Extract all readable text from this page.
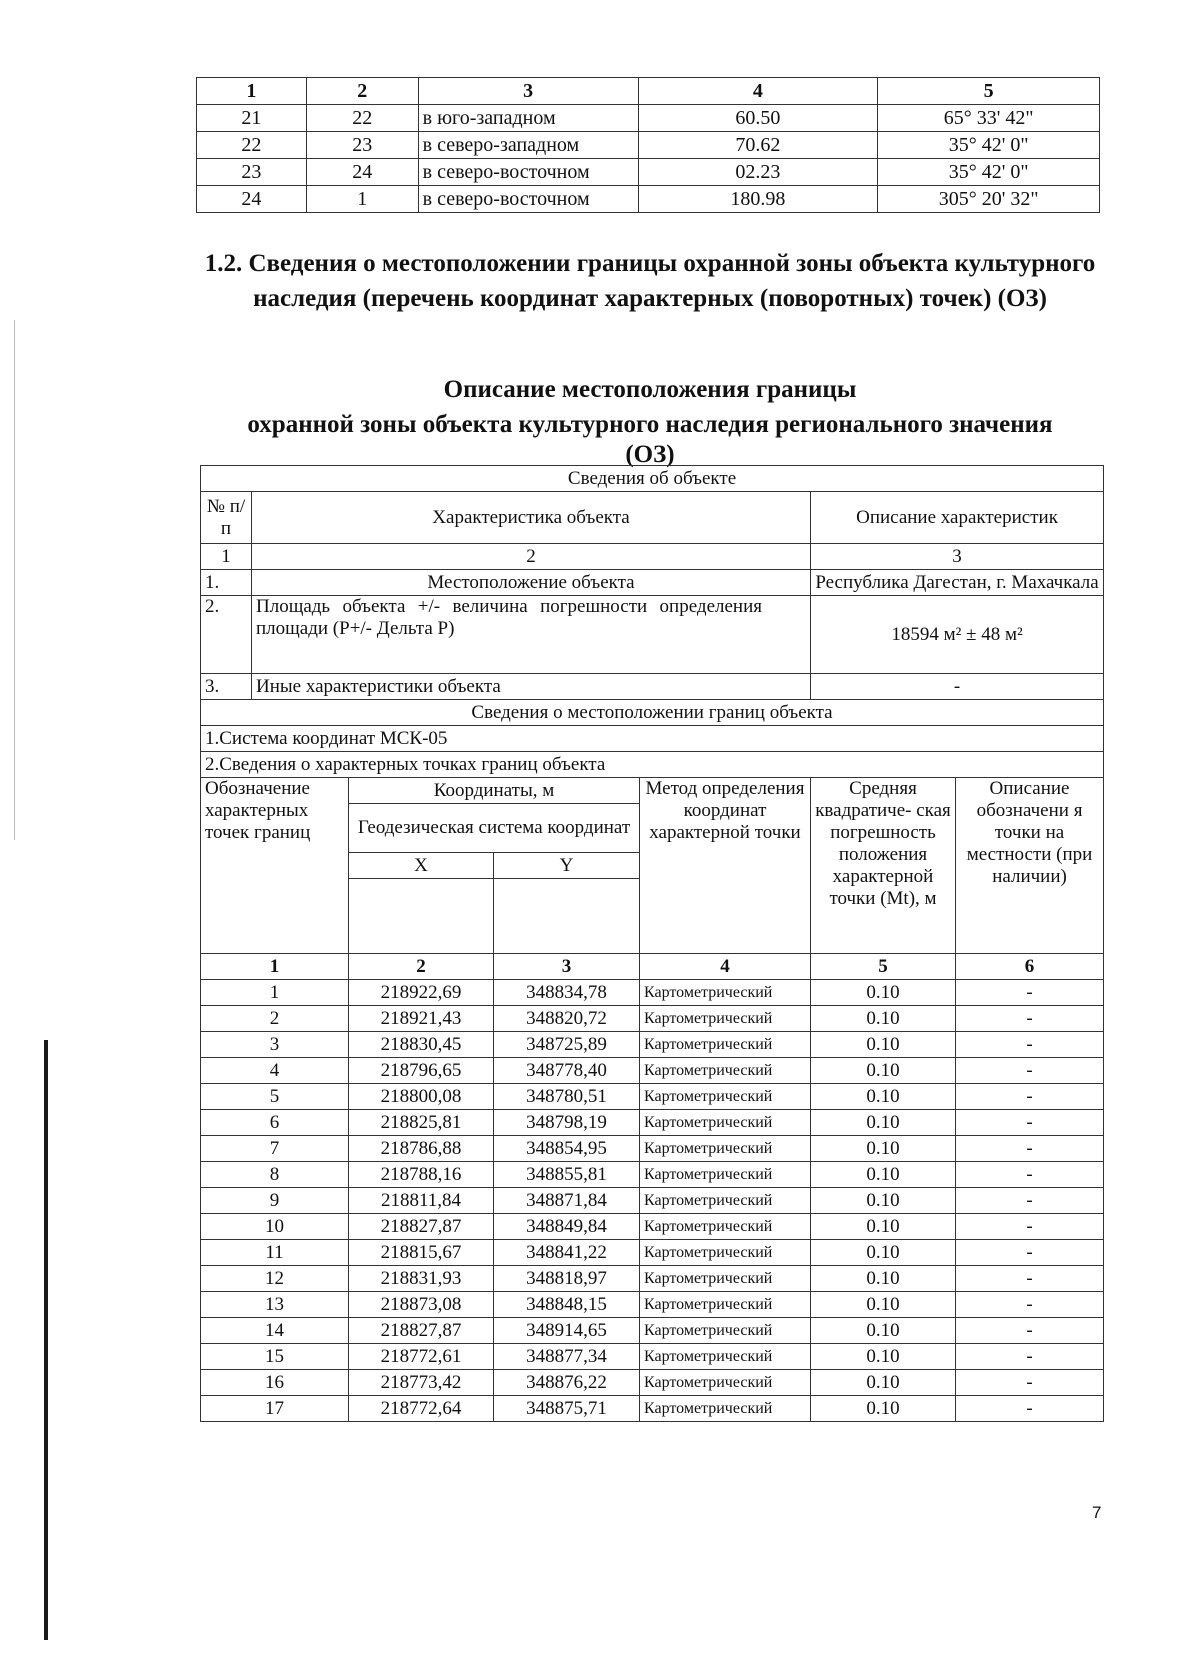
1	2	3	4	5
21	22	в юго-западном	60.50	65° 33' 42"
22	23	в северо-западном	70.62	35° 42' 0"
23	24	в северо-восточном	02.23	35° 42' 0"
24	1	в северо-восточном	180.98	305° 20' 32"
1.2. Сведения о местоположении границы охранной зоны объекта культурного наследия (перечень координат характерных (поворотных) точек) (ОЗ)
Описание местоположения границы
охранной зоны объекта культурного наследия регионального значения
(ОЗ)
Сведения об объекте						
№ п/п	Характеристика объекта				Описание характеристик	
1	2				3	
1.	Местоположение объекта				Республика Дагестан, г. Махачкала	
2.	Площадь объекта +/- величина погрешности определения площади (Р+/- Дельта Р)				18594 м² ± 48 м²	
3.	Иные характеристики объекта				-	
Сведения о местоположении границ объекта						
1.Система координат МСК-05						
2.Сведения о характерных точках границ объекта						
Обозначение характерных точек границ		Координаты, м		Метод определения координат характерной точки	Средняя квадратиче- ская погрешность положения характерной точки (Mt), м	Описание обозначени я точки на местности (при наличии)
		Геодезическая система координат				
		X	Y			

1		2	3	4	5	6
1		218922,69	348834,78	Картометрический	0.10	-
2		218921,43	348820,72	Картометрический	0.10	-
3		218830,45	348725,89	Картометрический	0.10	-
4		218796,65	348778,40	Картометрический	0.10	-
5		218800,08	348780,51	Картометрический	0.10	-
6		218825,81	348798,19	Картометрический	0.10	-
7		218786,88	348854,95	Картометрический	0.10	-
8		218788,16	348855,81	Картометрический	0.10	-
9		218811,84	348871,84	Картометрический	0.10	-
10		218827,87	348849,84	Картометрический	0.10	-
11		218815,67	348841,22	Картометрический	0.10	-
12		218831,93	348818,97	Картометрический	0.10	-
13		218873,08	348848,15	Картометрический	0.10	-
14		218827,87	348914,65	Картометрический	0.10	-
15		218772,61	348877,34	Картометрический	0.10	-
16		218773,42	348876,22	Картометрический	0.10	-
17		218772,64	348875,71	Картометрический	0.10	-
7
